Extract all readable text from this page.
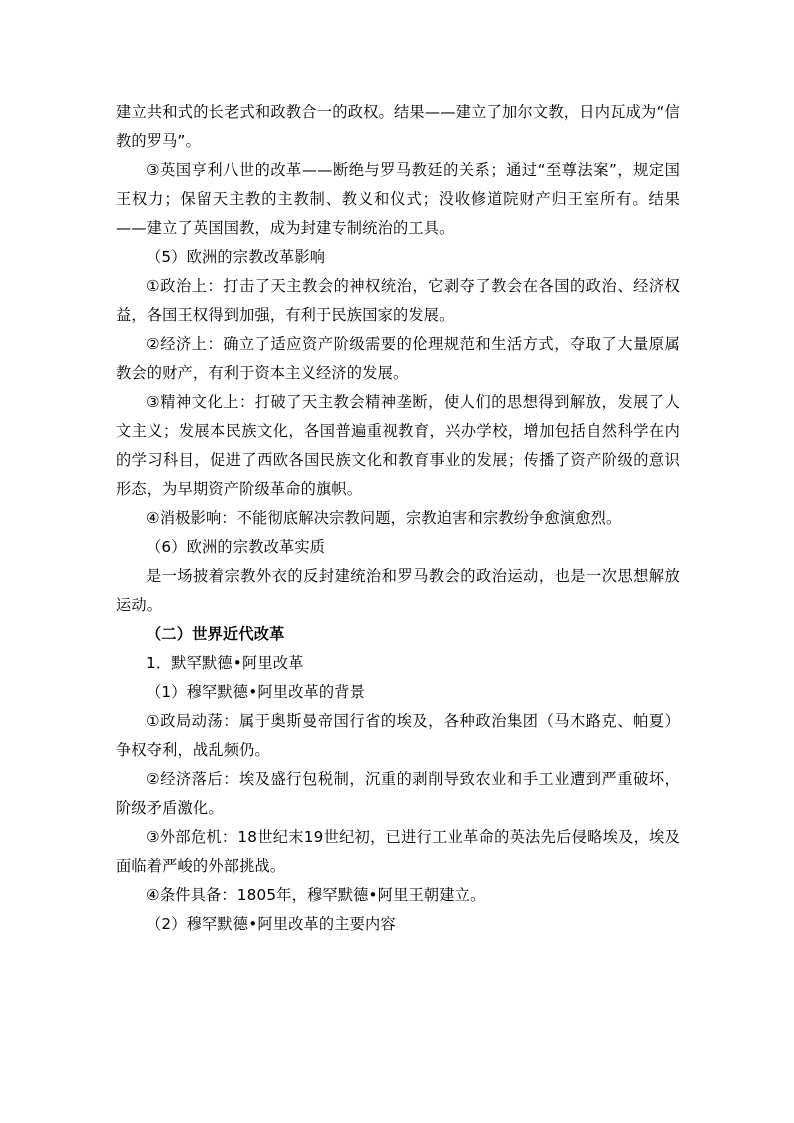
建立共和式的长老式和政教合一的政权。结果——建立了加尔文教，日内瓦成为“信教的罗马”。

③英国亨利八世的改革——断绝与罗马教廷的关系；通过“至尊法案”，规定国王权力；保留天主教的主教制、教义和仪式；没收修道院财产归王室所有。结果——建立了英国国教，成为封建专制统治的工具。

（5）欧洲的宗教改革影响

①政治上：打击了天主教会的神权统治，它剥夺了教会在各国的政治、经济权益，各国王权得到加强，有利于民族国家的发展。

②经济上：确立了适应资产阶级需要的伦理规范和生活方式，夺取了大量原属教会的财产，有利于资本主义经济的发展。

③精神文化上：打破了天主教会精神垄断，使人们的思想得到解放，发展了人文主义；发展本民族文化，各国普遍重视教育，兴办学校，增加包括自然科学在内的学习科目，促进了西欧各国民族文化和教育事业的发展；传播了资产阶级的意识形态，为早期资产阶级革命的旗帜。

④消极影响：不能彻底解决宗教问题，宗教迫害和宗教纷争愈演愈烈。

（6）欧洲的宗教改革实质

是一场披着宗教外衣的反封建统治和罗马教会的政治运动，也是一次思想解放运动。

（二）世界近代改革

1．默罕默德•阿里改革

（1）穆罕默德•阿里改革的背景

①政局动荡：属于奥斯曼帝国行省的埃及，各种政治集团（马木路克、帕夏）争权夺利，战乱频仍。

②经济落后：埃及盛行包税制，沉重的剥削导致农业和手工业遭到严重破坏，阶级矛盾激化。

③外部危机：18世纪末19世纪初，已进行工业革命的英法先后侵略埃及，埃及面临着严峻的外部挑战。

④条件具备：1805年，穆罕默德•阿里王朝建立。

（2）穆罕默德•阿里改革的主要内容
